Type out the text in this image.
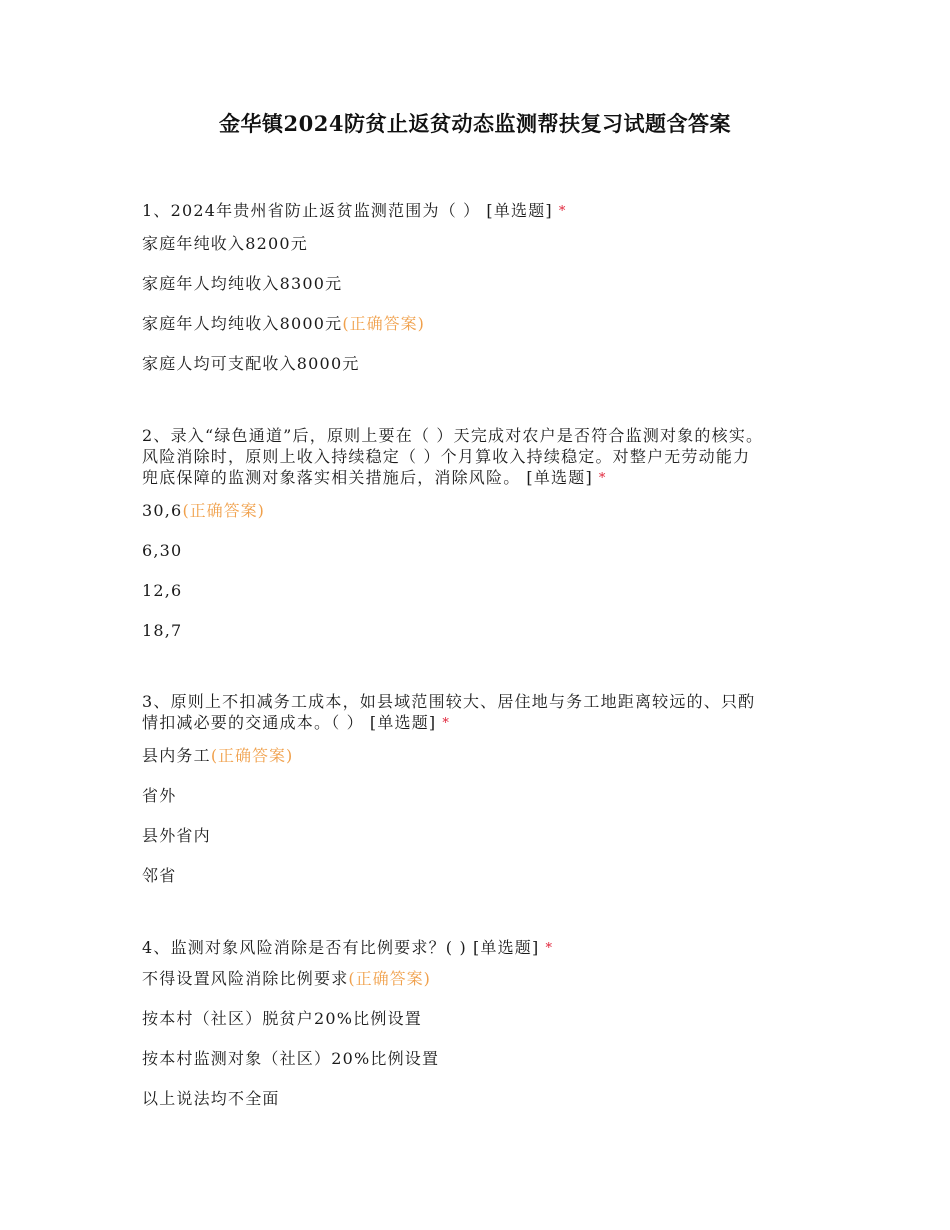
金华镇2024防贫止返贫动态监测帮扶复习试题含答案

1、2024年贵州省防止返贫监测范围为（ ） [单选题] *

家庭年纯收入8200元

家庭年人均纯收入8300元

家庭年人均纯收入8000元(正确答案)

家庭人均可支配收入8000元

2、录入“绿色通道”后，原则上要在（ ）天完成对农户是否符合监测对象的核实。
风险消除时，原则上收入持续稳定（ ）个月算收入持续稳定。对整户无劳动能力
兜底保障的监测对象落实相关措施后，消除风险。 [单选题] *

30,6(正确答案)

6,30

12,6

18,7

3、原则上不扣减务工成本，如县域范围较大、居住地与务工地距离较远的、只酌
情扣减必要的交通成本。（ ） [单选题] *

县内务工(正确答案)

省外

县外省内

邻省

4、监测对象风险消除是否有比例要求？( ) [单选题] *

不得设置风险消除比例要求(正确答案)

按本村（社区）脱贫户20%比例设置

按本村监测对象（社区）20%比例设置

以上说法均不全面
